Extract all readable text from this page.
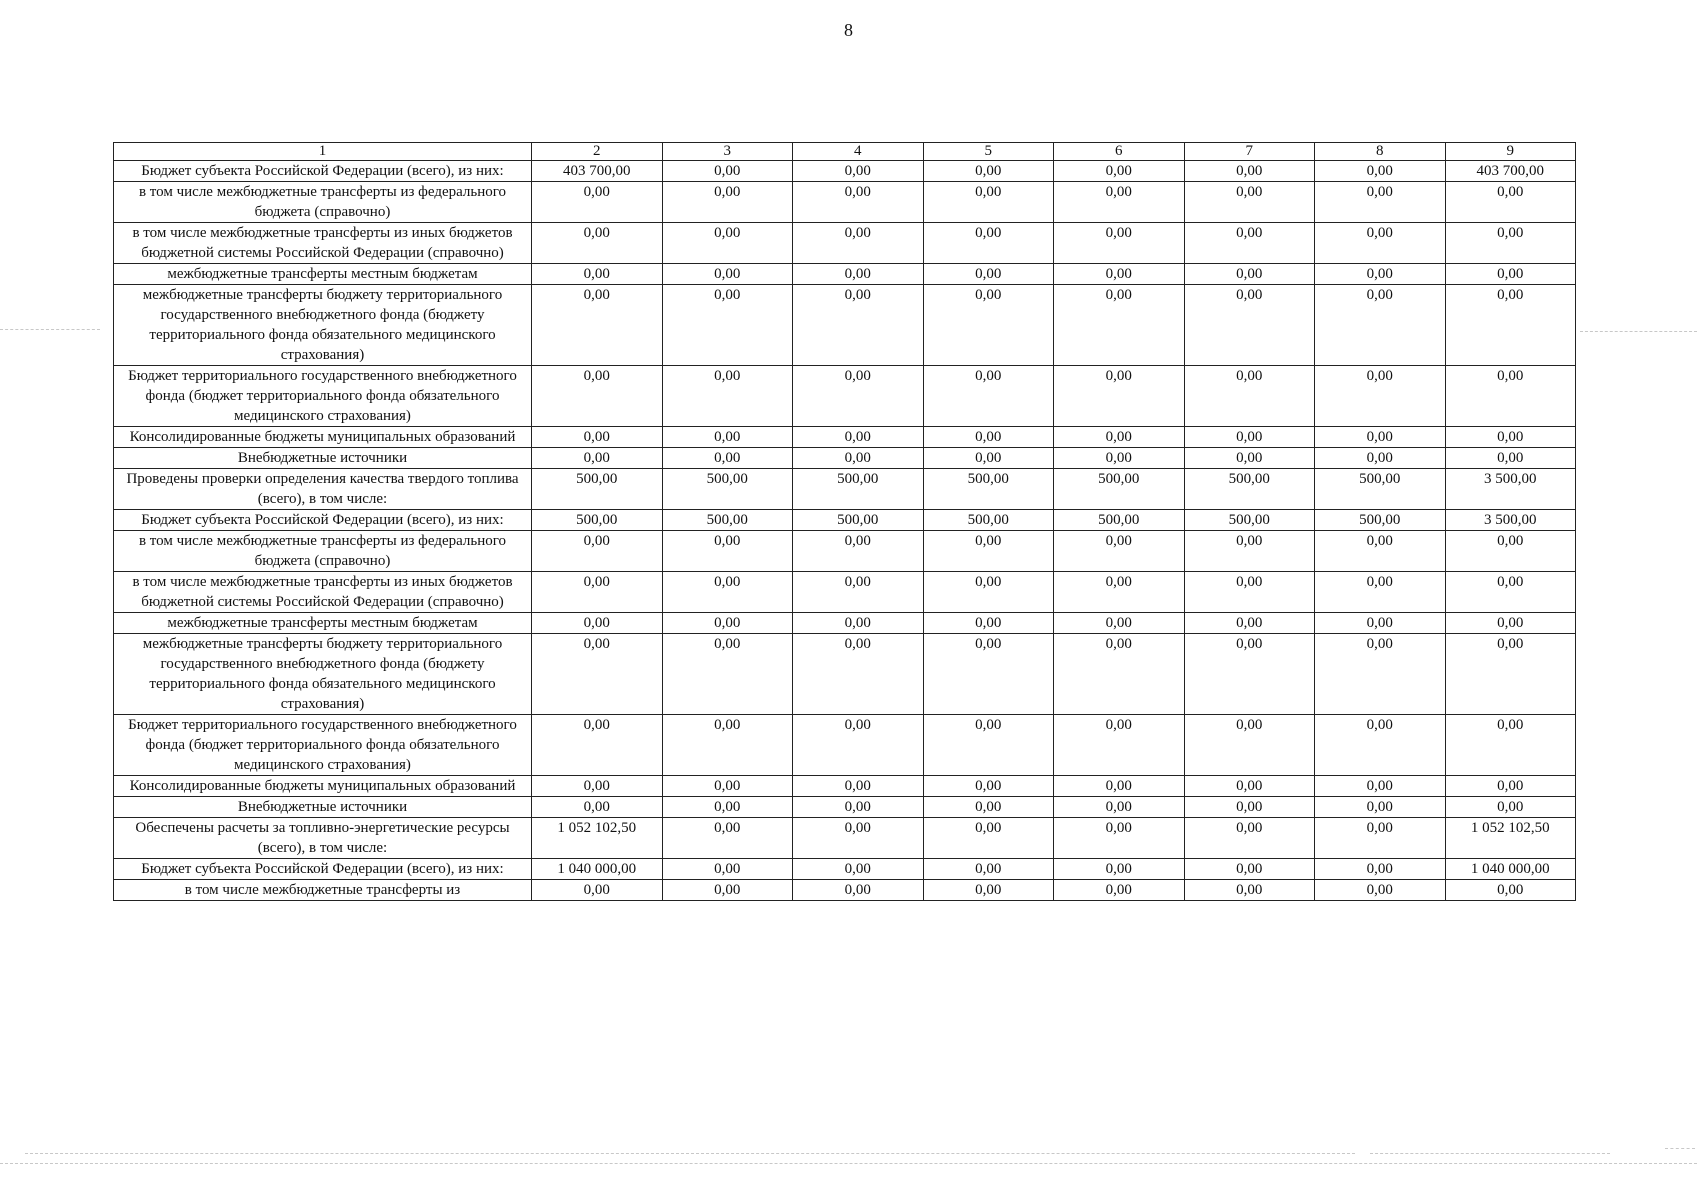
8
1	2	3	4	5	6	7	8	9
Бюджет субъекта Российской Федерации (всего), из них:	403 700,00	0,00	0,00	0,00	0,00	0,00	0,00	403 700,00
в том числе межбюджетные трансферты из федерального бюджета (справочно)	0,00	0,00	0,00	0,00	0,00	0,00	0,00	0,00
в том числе межбюджетные трансферты из иных бюджетов бюджетной системы Российской Федерации (справочно)	0,00	0,00	0,00	0,00	0,00	0,00	0,00	0,00
межбюджетные трансферты местным бюджетам	0,00	0,00	0,00	0,00	0,00	0,00	0,00	0,00
межбюджетные трансферты бюджету территориального государственного внебюджетного фонда (бюджету территориального фонда обязательного медицинского страхования)	0,00	0,00	0,00	0,00	0,00	0,00	0,00	0,00
Бюджет территориального государственного внебюджетного фонда (бюджет территориального фонда обязательного медицинского страхования)	0,00	0,00	0,00	0,00	0,00	0,00	0,00	0,00
Консолидированные бюджеты муниципальных образований	0,00	0,00	0,00	0,00	0,00	0,00	0,00	0,00
Внебюджетные источники	0,00	0,00	0,00	0,00	0,00	0,00	0,00	0,00
Проведены проверки определения качества твердого топлива (всего), в том числе:	500,00	500,00	500,00	500,00	500,00	500,00	500,00	3 500,00
Бюджет субъекта Российской Федерации (всего), из них:	500,00	500,00	500,00	500,00	500,00	500,00	500,00	3 500,00
в том числе межбюджетные трансферты из федерального бюджета (справочно)	0,00	0,00	0,00	0,00	0,00	0,00	0,00	0,00
в том числе межбюджетные трансферты из иных бюджетов бюджетной системы Российской Федерации (справочно)	0,00	0,00	0,00	0,00	0,00	0,00	0,00	0,00
межбюджетные трансферты местным бюджетам	0,00	0,00	0,00	0,00	0,00	0,00	0,00	0,00
межбюджетные трансферты бюджету территориального государственного внебюджетного фонда (бюджету территориального фонда обязательного медицинского страхования)	0,00	0,00	0,00	0,00	0,00	0,00	0,00	0,00
Бюджет территориального государственного внебюджетного фонда (бюджет территориального фонда обязательного медицинского страхования)	0,00	0,00	0,00	0,00	0,00	0,00	0,00	0,00
Консолидированные бюджеты муниципальных образований	0,00	0,00	0,00	0,00	0,00	0,00	0,00	0,00
Внебюджетные источники	0,00	0,00	0,00	0,00	0,00	0,00	0,00	0,00
Обеспечены расчеты за топливно-энергетические ресурсы (всего), в том числе:	1 052 102,50	0,00	0,00	0,00	0,00	0,00	0,00	1 052 102,50
Бюджет субъекта Российской Федерации (всего), из них:	1 040 000,00	0,00	0,00	0,00	0,00	0,00	0,00	1 040 000,00
в том числе межбюджетные трансферты из	0,00	0,00	0,00	0,00	0,00	0,00	0,00	0,00
